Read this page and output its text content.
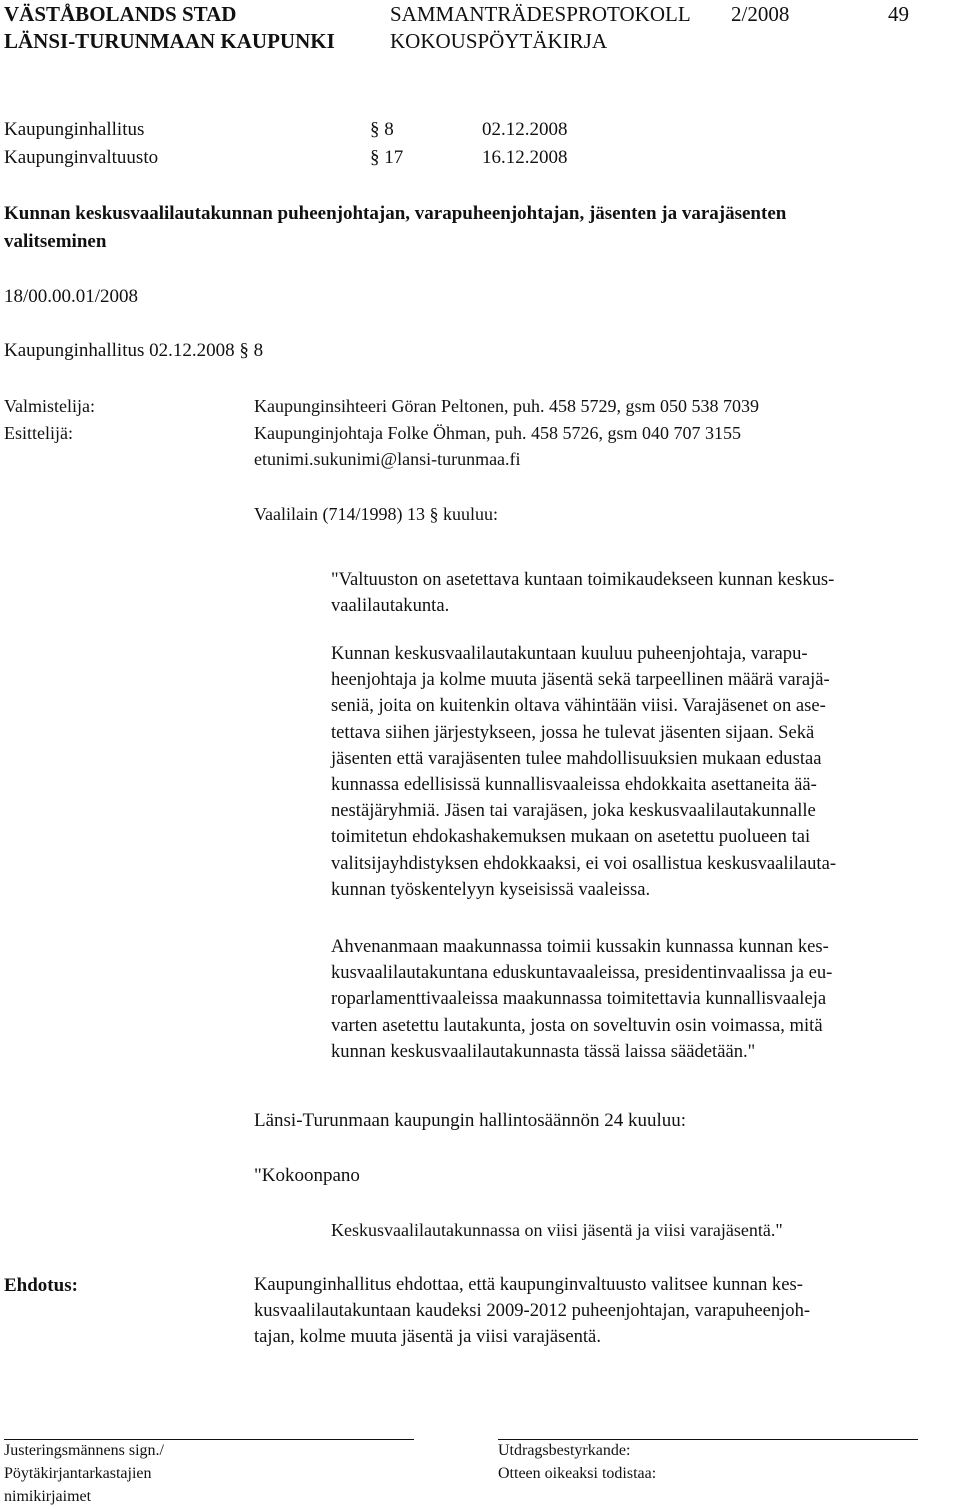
VÄSTÅBOLANDS STAD
LÄNSI-TURUNMAAN KAUPUNKI
SAMMANTRÄDESPROTOKOLL
KOKOUSPÖYTÄKIRJA
2/2008	49
Kaupunginhallitus	§ 8	02.12.2008
Kaupunginvaltuusto	§ 17	16.12.2008
Kunnan keskusvaalilautakunnan puheenjohtajan, varapuheenjohtajan, jäsenten ja varajäsenten
valitseminen
18/00.00.01/2008
Kaupunginhallitus 02.12.2008 § 8
Valmistelija:	Kaupunginsihteeri Göran Peltonen, puh. 458 5729, gsm 050 538 7039
Esittelijä:	Kaupunginjohtaja Folke Öhman, puh. 458 5726, gsm 040 707 3155
etunimi.sukunimi@lansi-turunmaa.fi
Vaalilain (714/1998) 13 § kuuluu:
"Valtuuston on asetettava kuntaan toimikaudekseen kunnan keskus-
vaalilautakunta.
Kunnan keskusvaalilautakuntaan kuuluu puheenjohtaja, varapu-
heenjohtaja ja kolme muuta jäsentä sekä tarpeellinen määrä varajä-
seniä, joita on kuitenkin oltava vähintään viisi. Varajäsenet on ase-
tettava siihen järjestykseen, jossa he tulevat jäsenten sijaan. Sekä
jäsenten että varajäsenten tulee mahdollisuuksien mukaan edustaa
kunnassa edellisissä kunnallisvaaleissa ehdokkaita asettaneita ää-
nestäjäryhmiä. Jäsen tai varajäsen, joka keskusvaalilautakunnalle
toimitetun ehdokashakemuksen mukaan on asetettu puolueen tai
valitsijayhdistyksen ehdokkaaksi, ei voi osallistua keskusvaalilauta-
kunnan työskentelyyn kyseisissä vaaleissa.
Ahvenanmaan maakunnassa toimii kussakin kunnassa kunnan kes-
kusvaalilautakuntana eduskuntavaaleissa, presidentinvaalissa ja eu-
roparlamenttivaaleissa maakunnassa toimitettavia kunnallisvaaleja
varten asetettu lautakunta, josta on soveltuvin osin voimassa, mitä
kunnan keskusvaalilautakunnasta tässä laissa säädetään."
Länsi-Turunmaan kaupungin hallintosäännön 24 kuuluu:
"Kokoonpano
Keskusvaalilautakunnassa on viisi jäsentä ja viisi varajäsentä."
Ehdotus:	Kaupunginhallitus ehdottaa, että kaupunginvaltuusto valitsee kunnan kes-
kusvaalilautakuntaan kaudeksi 2009-2012 puheenjohtajan, varapuheenjoh-
tajan, kolme muuta jäsentä ja viisi varajäsentä.
Justeringsmännens sign./
Pöytäkirjantarkastajien
nimikirjaimet
Utdragsbestyrkande:
Otteen oikeaksi todistaa:
